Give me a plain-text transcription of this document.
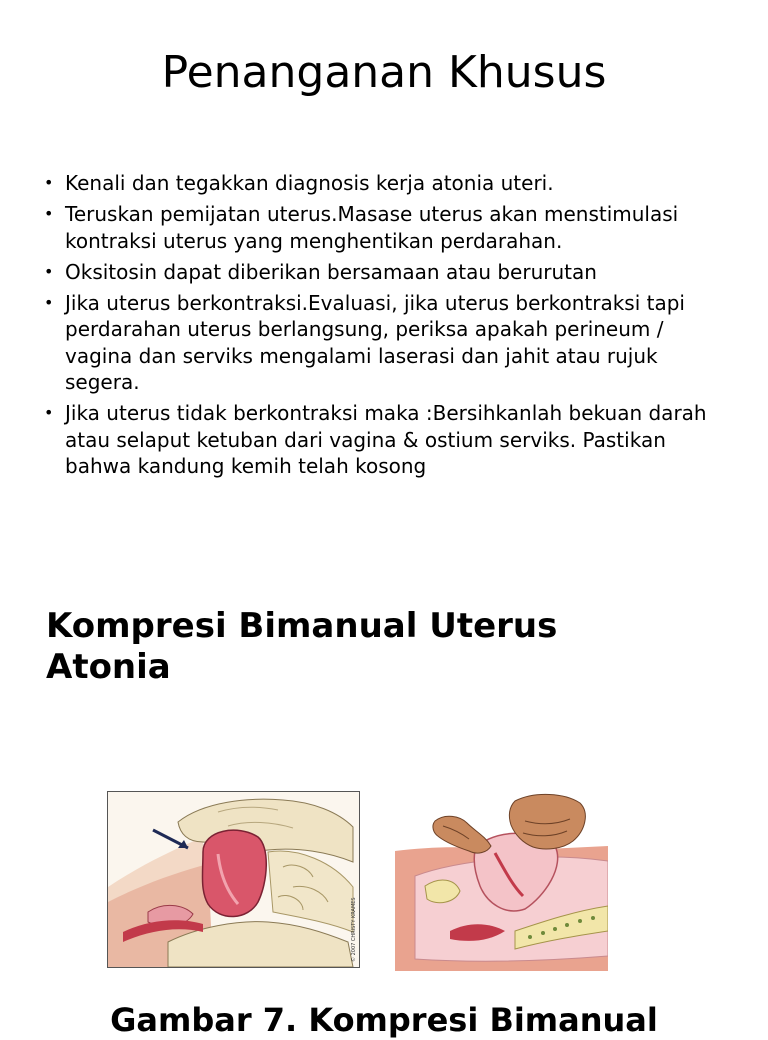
Penanganan Khusus
• Kenali dan tegakkan diagnosis kerja atonia uteri.
• Teruskan pemijatan uterus.Masase uterus akan menstimulasi kontraksi uterus yang menghentikan perdarahan.
• Oksitosin dapat diberikan bersamaan atau berurutan
• Jika uterus berkontraksi.Evaluasi, jika uterus berkontraksi tapi perdarahan uterus berlangsung, periksa apakah perineum / vagina dan serviks mengalami laserasi dan jahit atau rujuk segera.
• Jika uterus tidak berkontraksi maka :Bersihkanlah bekuan darah atau selaput ketuban dari vagina & ostium serviks. Pastikan bahwa kandung kemih telah kosong
Kompresi Bimanual Uterus Atonia
© 2007 CHRISTY KRAMES
Gambar 7. Kompresi Bimanual
